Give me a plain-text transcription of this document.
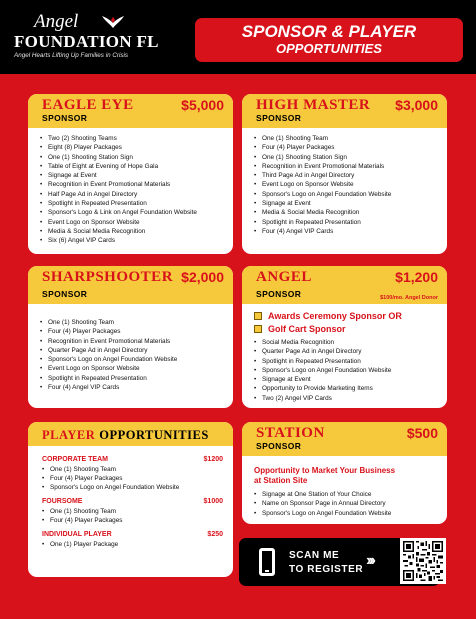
Angel
FOUNDATION FL
Angel Hearts Lifting Up Families in Crisis
SPONSOR & PLAYER
OPPORTUNITIES
EAGLE EYE	$5,000
SPONSOR
• Two (2) Shooting Teams
• Eight (8) Player Packages
• One (1) Shooting Station Sign
• Table of Eight at Evening of Hope Gala
• Signage at Event
• Recognition in Event Promotional Materials
• Half Page Ad in Angel Directory
• Spotlight in Repeated Presentation
• Sponsor's Logo & Link on Angel Foundation Website
• Event Logo on Sponsor Website
• Media & Social Media Recognition
• Six (6) Angel VIP Cards
HIGH MASTER $3,000
SPONSOR
• One (1) Shooting Team
• Four (4) Player Packages
• One (1) Shooting Station Sign
• Recognition in Event Promotional Materials
• Third Page Ad in Angel Directory
• Event Logo on Sponsor Website
• Sponsor's Logo on Angel Foundation Website
• Signage at Event
• Media & Social Media Recognition
• Spotlight in Repeated Presentation
• Four (4) Angel VIP Cards
SHARPSHOOTER $2,000
SPONSOR
• One (1) Shooting Team
• Four (4) Player Packages
• Recognition in Event Promotional Materials
• Quarter Page Ad in Angel Directory
• Sponsor's Logo on Angel Foundation Website
• Event Logo on Sponsor Website
• Spotlight in Repeated Presentation
• Four (4) Angel VIP Cards
ANGEL	$1,200
SPONSOR	$100/mo. Angel Donor
Awards Ceremony Sponsor OR
Golf Cart Sponsor
• Social Media Recognition
• Quarter Page Ad in Angel Directory
• Spotlight in Repeated Presentation
• Sponsor's Logo on Angel Foundation Website
• Signage at Event
• Opportunity to Provide Marketing Items
• Two (2) Angel VIP Cards
PLAYER OPPORTUNITIES
CORPORATE TEAM	$1200
• One (1) Shooting Team
• Four (4) Player Packages
• Sponsor's Logo on Angel Foundation Website
FOURSOME	$1000
• One (1) Shooting Team
• Four (4) Player Packages
INDIVIDUAL PLAYER	$250
• One (1) Player Package
STATION	$500
SPONSOR
Opportunity to Market Your Business
at Station Site
• Signage at One Station of Your Choice
• Name on Sponsor Page in Annual Directory
• Sponsor's Logo on Angel Foundation Website
SCAN ME
TO REGISTER
›››
